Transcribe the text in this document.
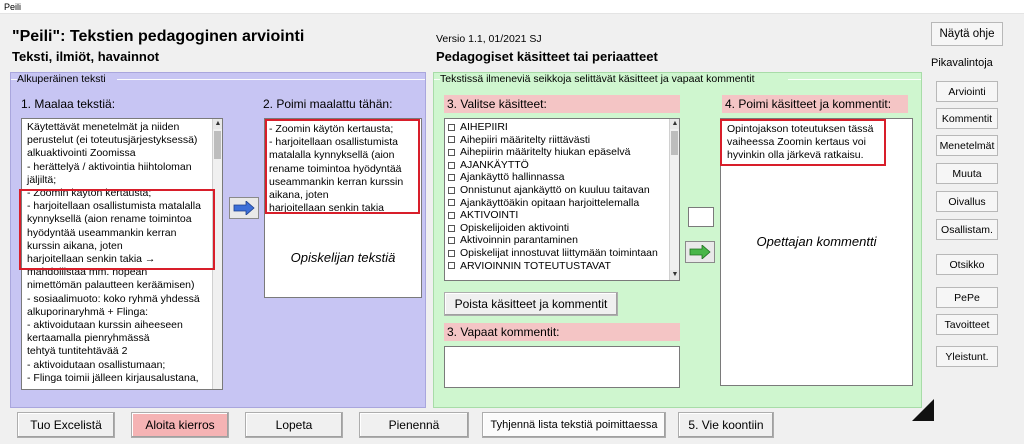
Peili
"Peili": Tekstien pedagoginen arviointi
Teksti, ilmiöt, havainnot
Versio 1.1, 01/2021 SJ
Pedagogiset käsitteet tai periaatteet
Alkuperäinen teksti
1. Maalaa tekstiä:	2. Poimi maalattu tähän:
Käytettävät menetelmät ja niiden
perustelut (ei toteutusjärjestyksessä)
alkuaktivointi Zoomissa
- herättelyä / aktivointia hiihtoloman
jäljiltä;
- Zoomin käytön kertausta;
- harjoitellaan osallistumista matalalla
kynnyksellä (aion rename toimintoa
hyödyntää useammankin kerran
kurssin aikana, joten
harjoitellaan senkin takia →
mahdollistaa mm. nopean
nimettömän palautteen keräämisen)
- sosiaalimuoto: koko ryhmä yhdessä
alkuporinaryhmä + Flinga:
- aktivoidutaan kurssin aiheeseen
kertaamalla pienryhmässä
tehtyä tuntitehtävää 2
- aktivoidutaan osallistumaan;
- Flinga toimii jälleen kirjausalustana,
▲	- Zoomin käytön kertausta;
- harjoitellaan osallistumista
matalalla kynnyksellä (aion
rename toimintoa hyödyntää
useammankin kerran kurssin
aikana, joten
harjoitellaan senkin takia
Opiskelijan tekstiä
Tekstissä ilmeneviä seikkoja selittävät käsitteet ja vapaat kommentit
3. Valitse käsitteet:	4. Poimi käsitteet ja kommentit:
AIHEPIIRI
Aihepiiri määritelty riittävästi
Aihepiirin määritelty hiukan epäselvä
AJANKÄYTTÖ
Ajankäyttö hallinnassa
Onnistunut ajankäyttö on kuuluu taitavan
Ajankäyttöäkin opitaan harjoittelemalla
AKTIVOINTI
Opiskelijoiden aktivointi
Aktivoinnin parantaminen
Opiskelijat innostuvat liittymään toimintaan
ARVIOINNIN TOTEUTUSTAVAT
▲
▼
Poista käsitteet ja kommentit
3. Vapaat kommentit:
Opintojakson toteutuksen tässä
vaiheessa Zoomin kertaus voi
hyvinkin olla järkevä ratkaisu.
Opettajan kommentti
Näytä ohje
Pikavalintoja
Arviointi
Kommentit
Menetelmät
Muuta
Oivallus
Osallistam.
Otsikko
PePe
Tavoitteet
Yleistunt.
Tuo Excelistä	Aloita kierros	Lopeta	Pienennä	Tyhjennä lista tekstiä poimittaessa	5. Vie koontiin
